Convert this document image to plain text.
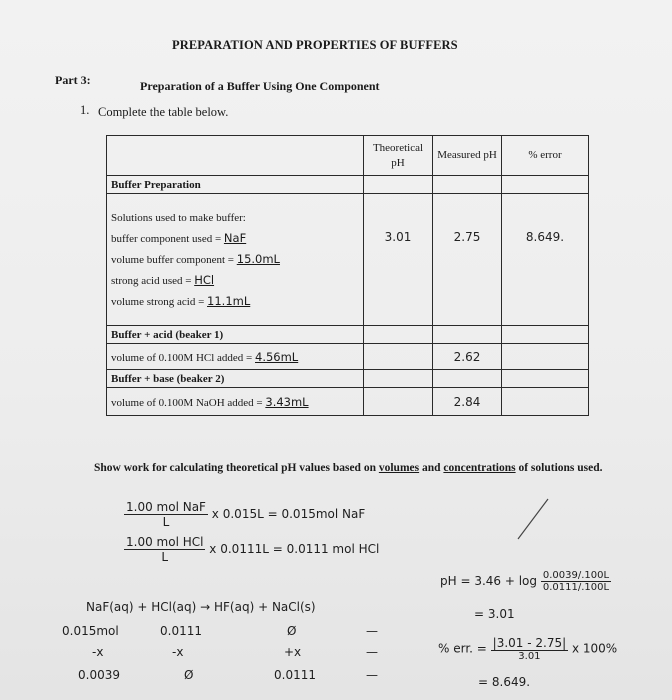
PREPARATION AND PROPERTIES OF BUFFERS
Part 3:	Preparation of a Buffer Using One Component
1. Complete the table below.
	Theoretical pH	Measured pH	% error
Buffer Preparation			

Solutions used to make buffer:
buffer component used = NaF
volume buffer component = 15.0mL
strong acid used = HCl
volume strong acid = 11.1mL	3.01	2.75	8.649.
Buffer + acid (beaker 1)			
volume of 0.100M HCl added = 4.56mL		2.62	
Buffer + base (beaker 2)			
volume of 0.100M NaOH added = 3.43mL		2.84	
Show work for calculating theoretical pH values based on volumes and concentrations of solutions used.
$\frac{\text{1.00 mol NaF}}{L}$ x 0.015L = 0.015mol NaF
$\frac{\text{1.00 mol HCl}}{L}$ x 0.0111L = 0.0111 mol HCl
NaF(aq) + HCl(aq) → HF(aq) + NaCl(s)
0.015mol	0.0111	Ø	—
-x	-x	+x	—
0.0039	Ø	0.0111	—
pH = $3.46 + \log \frac{0.0039/.100L}{0.0111/.100L}$
= 3.01
% err. = $\frac{|3.01 - 2.75|}{3.01}$ x 100%
= 8.649.
